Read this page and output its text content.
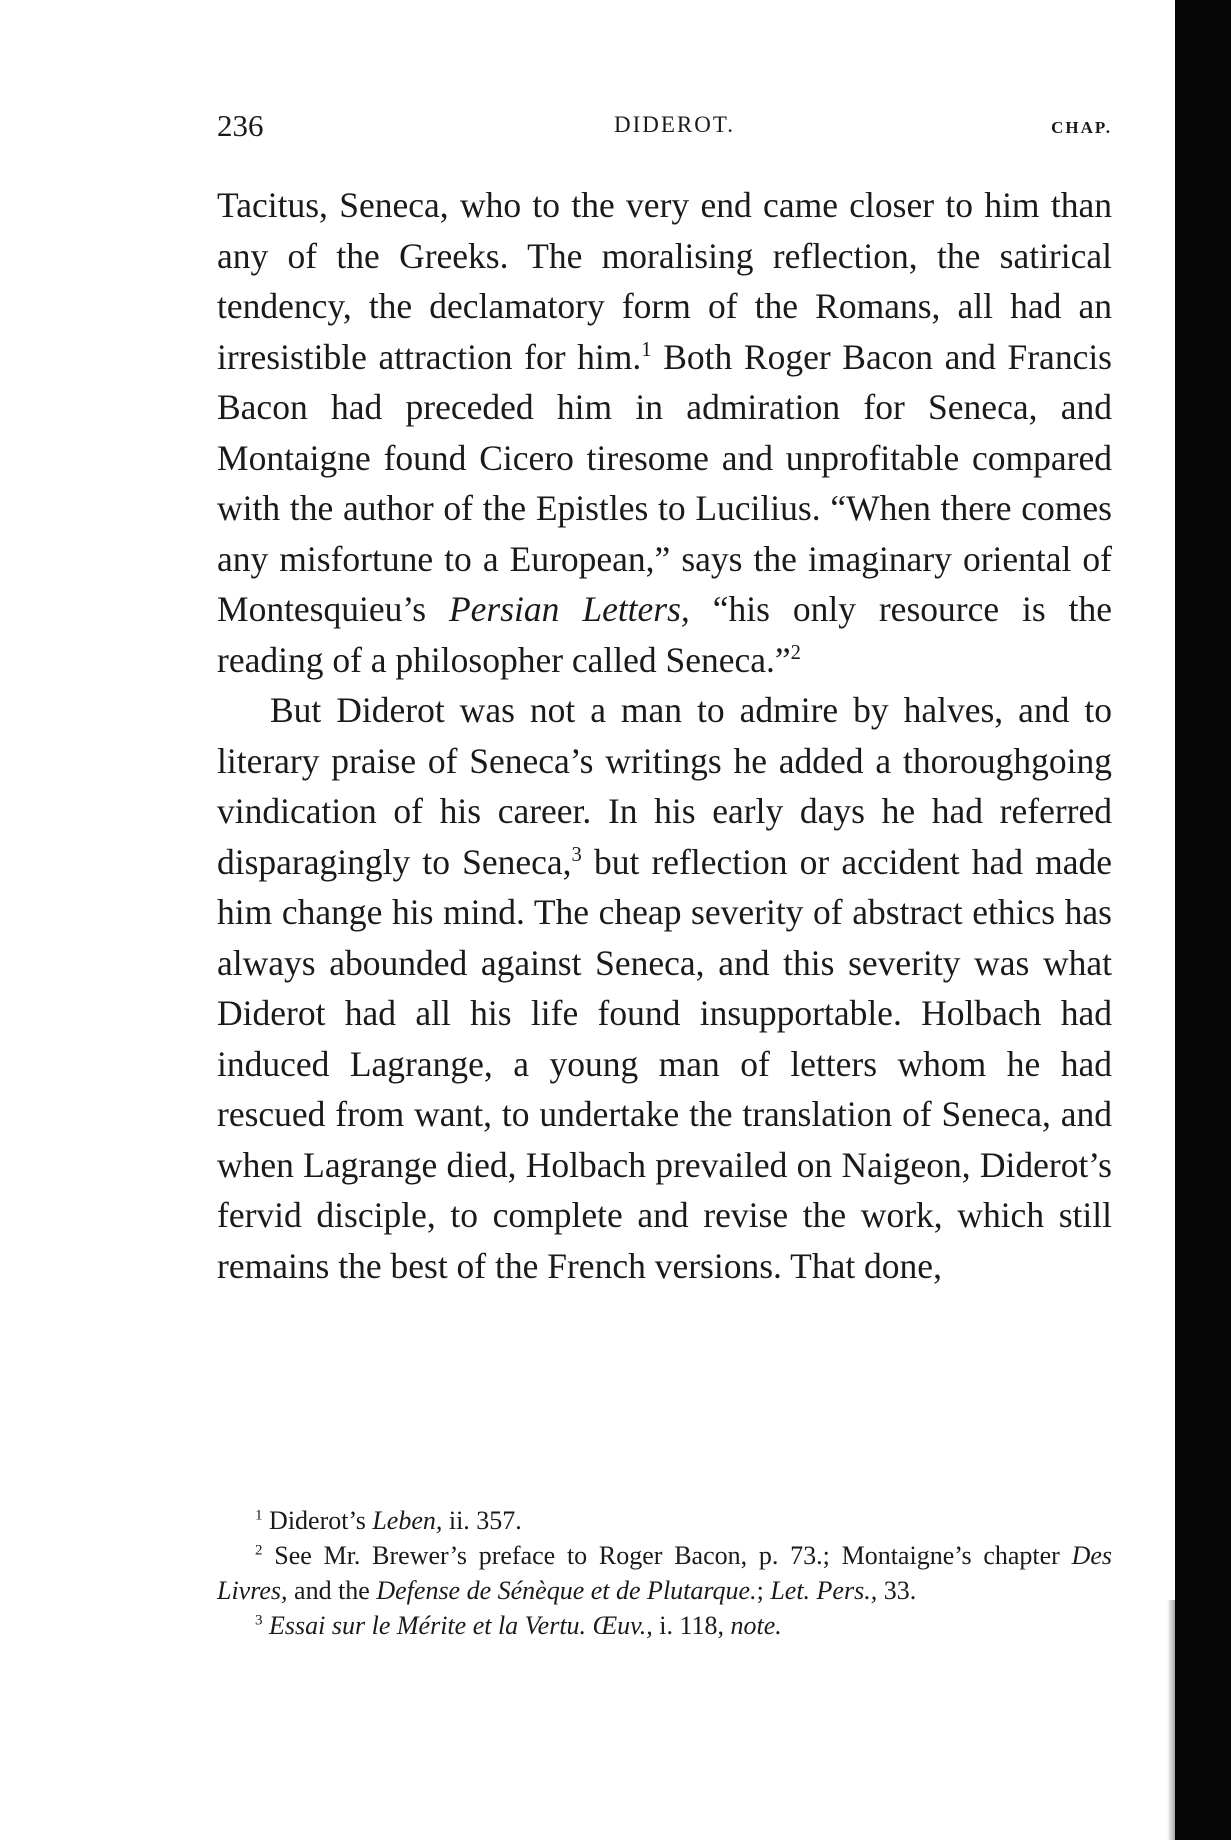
236	DIDEROT.	CHAP.

Tacitus, Seneca, who to the very end came closer to him than any of the Greeks. The moralising reflection, the satirical tendency, the declamatory form of the Romans, all had an irresistible attraction for him.$^1$ Both Roger Bacon and Francis Bacon had preceded him in admiration for Seneca, and Montaigne found Cicero tiresome and unprofitable compared with the author of the Epistles to Lucilius. “When there comes any misfortune to a European,” says the imaginary oriental of Montesquieu’s Persian Letters, “his only resource is the reading of a philosopher called Seneca.”$^2$

But Diderot was not a man to admire by halves, and to literary praise of Seneca’s writings he added a thoroughgoing vindication of his career. In his early days he had referred disparagingly to Seneca,$^3$ but reflection or accident had made him change his mind. The cheap severity of abstract ethics has always abounded against Seneca, and this severity was what Diderot had all his life found insupportable. Holbach had induced Lagrange, a young man of letters whom he had rescued from want, to undertake the translation of Seneca, and when Lagrange died, Holbach prevailed on Naigeon, Diderot’s fervid disciple, to complete and revise the work, which still remains the best of the French versions. That done,

$^1$ Diderot’s Leben, ii. 357.

$^2$ See Mr. Brewer’s preface to Roger Bacon, p. 73.; Montaigne’s chapter Des Livres, and the Defense de Sénèque et de Plutarque.; Let. Pers., 33.

$^3$ Essai sur le Mérite et la Vertu. Œuv., i. 118, note.
